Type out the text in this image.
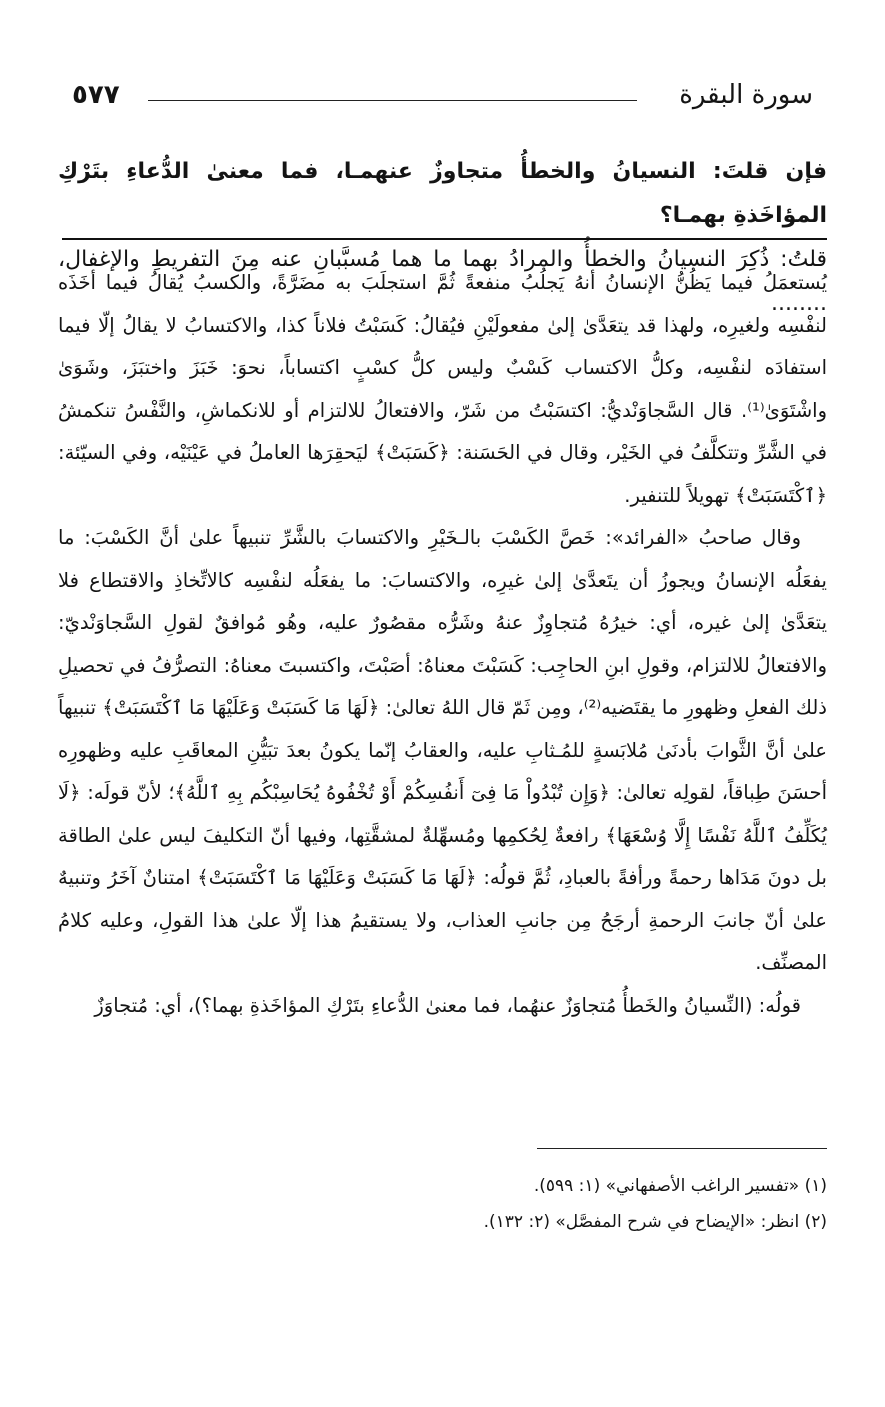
٥٧٧	سورة البقرة
فإن قلتَ: النسيانُ والخطأُ متجاوزٌ عنهمـا، فما معنىٰ الدُّعاءِ بتَرْكِ المؤاخَذةِ بهمـا؟
قلتُ: ذُكِرَ النسيانُ والخطأُ والمرادُ بهما ما هما مُسبَّبانِ عنه مِنَ التفريطِ والإغفال، ........

يُستعمَلُ فيما يَظُنُّ الإنسانُ أنهُ يَجلُبُ منفعةً ثُمَّ استجلَبَ به مضَرَّةً، والكسبُ يُقالُ فيما أخَذَه لنفْسِه ولغيرِه، ولهذا قد يتعَدَّىٰ إلىٰ مفعولَيْنِ فيُقالُ: كَسَبْتُ فلاناً كذا، والاكتسابُ لا يقالُ إلّا فيما استفادَه لنفْسِه، وكلُّ الاكتساب كَسْبٌ وليس كلُّ كسْبٍ اكتساباً، نحوَ: خَبَزَ واختبَزَ، وشَوَىٰ واشْتَوَىٰ⁽¹⁾. قال السَّجاوَنْديُّ: اكتسَبْتُ من شَرّ، والافتعالُ للالتزام أو للانكماشِ، والنَّفْسُ تنكمشُ في الشَّرِّ وتتكلَّفُ في الخَيْر، وقال في الحَسَنة: ﴿كَسَبَتْ﴾ ليَحقِرَها العاملُ في عَيْنَيْه، وفي السيّئة: ﴿ٱكْتَسَبَتْ﴾ تهويلاً للتنفير.

وقال صاحبُ «الفرائد»: خَصَّ الكَسْبَ بالـخَيْرِ والاكتسابَ بالشَّرِّ تنبيهاً علىٰ أنَّ الكَسْبَ: ما يفعَلُه الإنسانُ ويجوزُ أن يتَعدَّىٰ إلىٰ غيرِه، والاكتسابَ: ما يفعَلُه لنفْسِه كالاتِّخاذِ والاقتطاع فلا يتعَدَّىٰ إلىٰ غيره، أي: خيرُهُ مُتجاوِزٌ عنهُ وشَرُّه مقصُورٌ عليه، وهُو مُوافقٌ لقولِ السَّجاوَنْديّ: والافتعالُ للالتزام، وقولِ ابنِ الحاجِب: كَسَبْتَ معناهُ: أصَبْتَ، واكتسبتَ معناهُ: التصرُّفُ في تحصيلِ ذلك الفعلِ وظهورِ ما يقتَضيه⁽²⁾، ومِن ثَمّ قال اللهُ تعالىٰ: ﴿لَهَا مَا كَسَبَتْ وَعَلَيْهَا مَا ٱكْتَسَبَتْ﴾ تنبيهاً علىٰ أنَّ الثَّوابَ بأدنَىٰ مُلابَسةٍ للمُـثابِ عليه، والعقابُ إنّما يكونُ بعدَ تبَيُّنِ المعاقَبِ عليه وظهورِه أحسَنَ طِباقاً، لقولِه تعالىٰ: ﴿وَإِن تُبْدُواْ مَا فِىٓ أَنفُسِكُمْ أَوْ تُخْفُوهُ يُحَاسِبْكُم بِهِ ٱللَّهُ﴾؛ لأنّ قولَه: ﴿لَا يُكَلِّفُ ٱللَّهُ نَفْسًا إِلَّا وُسْعَهَا﴾ رافعةٌ لِحُكمِها ومُسهِّلةٌ لمشقَّتِها، وفيها أنّ التكليفَ ليس علىٰ الطاقة بل دونَ مَدَاها رحمةً ورأفةً بالعبادِ، ثُمَّ قولُه: ﴿لَهَا مَا كَسَبَتْ وَعَلَيْهَا مَا ٱكْتَسَبَتْ﴾ امتنانٌ آخَرُ وتنبيهٌ علىٰ أنّ جانبَ الرحمةِ أرجَحُ مِن جانبِ العذاب، ولا يستقيمُ هذا إلّا علىٰ هذا القولِ، وعليه كلامُ المصنِّف.

قولُه: (النِّسيانُ والخَطأُ مُتجاوَزٌ عنهُما، فما معنىٰ الدُّعاءِ بتَرْكِ المؤاخَذةِ بهما؟)، أي: مُتجاوَزٌ

(١) «تفسير الراغب الأصفهاني» (١: ٥٩٩).

(٢) انظر: «الإيضاح في شرح المفصَّل» (٢: ١٣٢).
